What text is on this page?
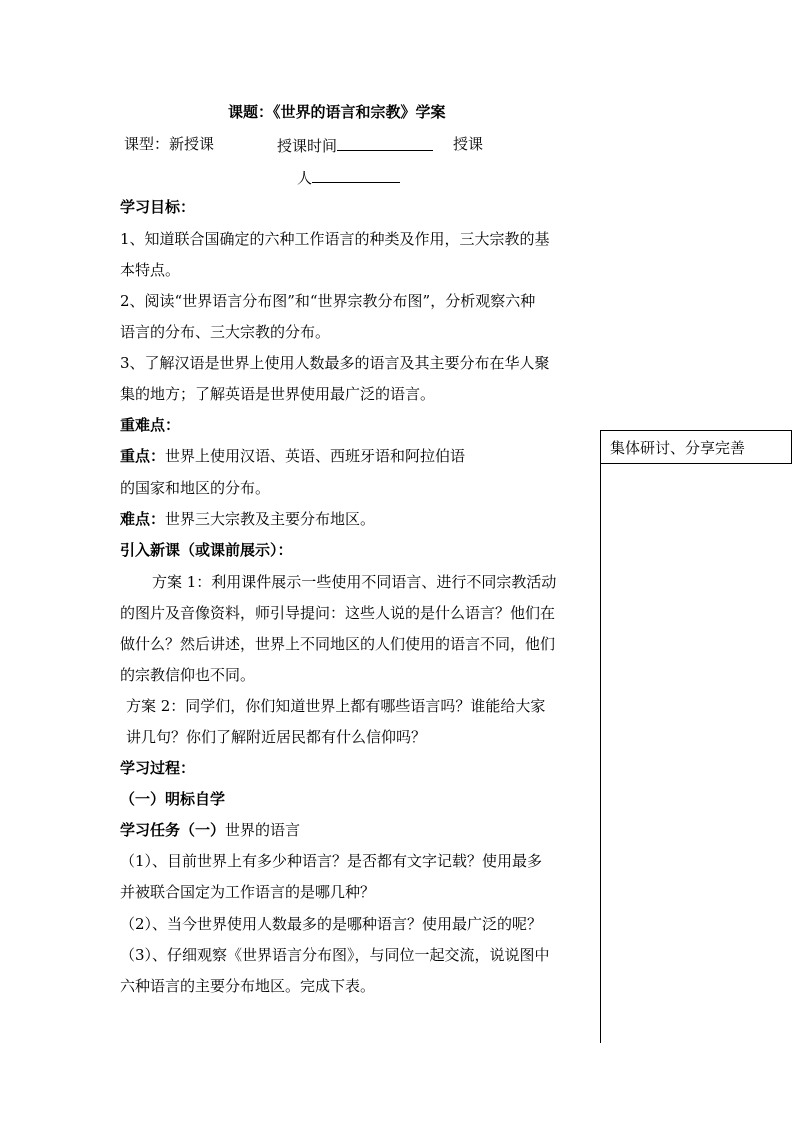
课题：《世界的语言和宗教》学案
课型：新授课	授课时间	授课
人
学习目标：
1、知道联合国确定的六种工作语言的种类及作用，三大宗教的基
本特点。
2、阅读“世界语言分布图”和“世界宗教分布图”，分析观察六种
语言的分布、三大宗教的分布。
3、了解汉语是世界上使用人数最多的语言及其主要分布在华人聚
集的地方；了解英语是世界使用最广泛的语言。
重难点：
重点：世界上使用汉语、英语、西班牙语和阿拉伯语
的国家和地区的分布。
难点：世界三大宗教及主要分布地区。
引入新课（或课前展示）：
方案 1：利用课件展示一些使用不同语言、进行不同宗教活动
的图片及音像资料，师引导提问：这些人说的是什么语言？他们在
做什么？然后讲述，世界上不同地区的人们使用的语言不同，他们
的宗教信仰也不同。
方案 2：同学们，你们知道世界上都有哪些语言吗？谁能给大家
讲几句？你们了解附近居民都有什么信仰吗？
学习过程：
（一）明标自学
学习任务（一）世界的语言
（1）、目前世界上有多少种语言？是否都有文字记载？使用最多
并被联合国定为工作语言的是哪几种？
（2）、当今世界使用人数最多的是哪种语言？使用最广泛的呢？
（3）、仔细观察《世界语言分布图》，与同位一起交流，说说图中
六种语言的主要分布地区。完成下表。
集体研讨、分享完善
